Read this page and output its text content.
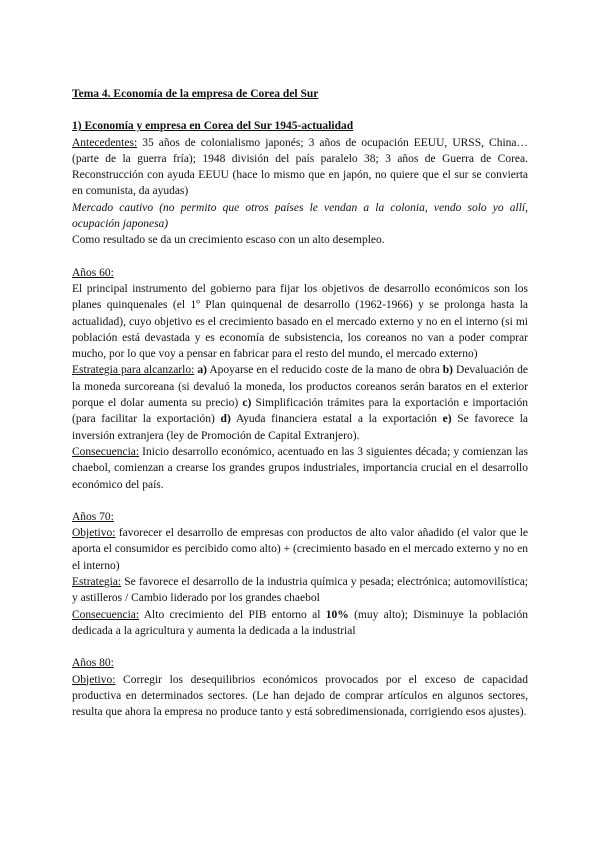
Tema 4. Economía de la empresa de Corea del Sur

1) Economía y empresa en Corea del Sur 1945-actualidad

Antecedentes: 35 años de colonialismo japonés; 3 años de ocupación EEUU, URSS, China… (parte de la guerra fría); 1948 división del país paralelo 38; 3 años de Guerra de Corea. Reconstrucción con ayuda EEUU (hace lo mismo que en japón, no quiere que el sur se convierta en comunista, da ayudas)

Mercado cautivo (no permito que otros países le vendan a la colonia, vendo solo yo allí, ocupación japonesa)

Como resultado se da un crecimiento escaso con un alto desempleo.

Años 60:

El principal instrumento del gobierno para fijar los objetivos de desarrollo económicos son los planes quinquenales (el 1º Plan quinquenal de desarrollo (1962-1966) y se prolonga hasta la actualidad), cuyo objetivo es el crecimiento basado en el mercado externo y no en el interno (si mi población está devastada y es economía de subsistencia, los coreanos no van a poder comprar mucho, por lo que voy a pensar en fabricar para el resto del mundo, el mercado externo)

Estrategia para alcanzarlo: a) Apoyarse en el reducido coste de la mano de obra b) Devaluación de la moneda surcoreana (si devaluó la moneda, los productos coreanos serán baratos en el exterior porque el dolar aumenta su precio) c) Simplificación trámites para la exportación e importación (para facilitar la exportación) d) Ayuda financiera estatal a la exportación e) Se favorece la inversión extranjera (ley de Promoción de Capital Extranjero).

Consecuencia: Inicio desarrollo económico, acentuado en las 3 siguientes década; y comienzan las chaebol, comienzan a crearse los grandes grupos industriales, importancia crucial en el desarrollo económico del país.

Años 70:

Objetivo: favorecer el desarrollo de empresas con productos de alto valor añadido (el valor que le aporta el consumidor es percibido como alto) + (crecimiento basado en el mercado externo y no en el interno)

Estrategia: Se favorece el desarrollo de la industria química y pesada; electrónica; automovilística; y astilleros / Cambio liderado por los grandes chaebol

Consecuencia: Alto crecimiento del PIB entorno al 10% (muy alto); Disminuye la población dedicada a la agricultura y aumenta la dedicada a la industrial

Años 80:

Objetivo: Corregir los desequilibrios económicos provocados por el exceso de capacidad productiva en determinados sectores. (Le han dejado de comprar artículos en algunos sectores, resulta que ahora la empresa no produce tanto y está sobredimensionada, corrigiendo esos ajustes).
